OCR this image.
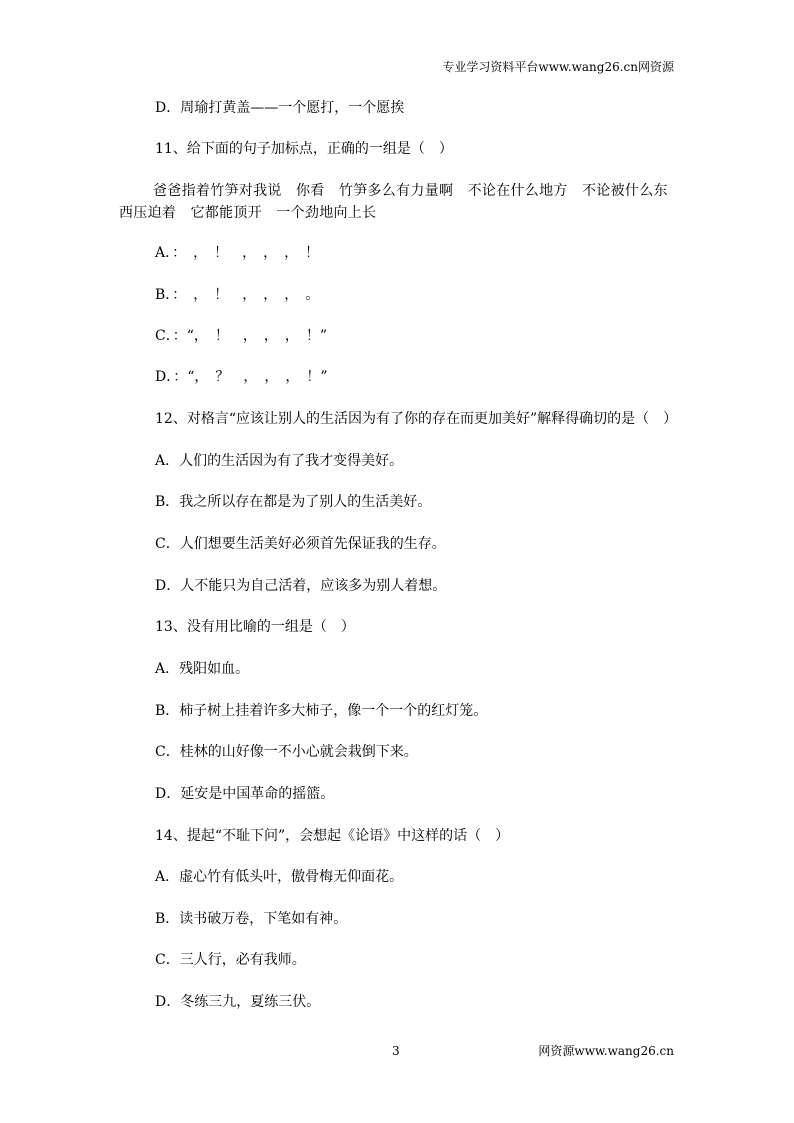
专业学习资料平台www.wang26.cn网资源
D．周瑜打黄盖——一个愿打，一个愿挨
11、给下面的句子加标点，正确的一组是（　）
爸爸指着竹笋对我说　你看　竹笋多么有力量啊　不论在什么地方　不论被什么东西压迫着　它都能顶开　一个劲地向上长
A．：　，　！　，　，　，　！
B．：　，　！　，　，　，　。
C．：“，　！　，　，　，　！”
D．：“，　？　，　，　，　！”
12、对格言“应该让别人的生活因为有了你的存在而更加美好”解释得确切的是（　）
A．人们的生活因为有了我才变得美好。
B．我之所以存在都是为了别人的生活美好。
C．人们想要生活美好必须首先保证我的生存。
D．人不能只为自己活着，应该多为别人着想。
13、没有用比喻的一组是（　）
A．残阳如血。
B．柿子树上挂着许多大柿子，像一个一个的红灯笼。
C．桂林的山好像一不小心就会栽倒下来。
D．延安是中国革命的摇篮。
14、提起“不耻下问”，会想起《论语》中这样的话（　）
A．虚心竹有低头叶，傲骨梅无仰面花。
B．读书破万卷，下笔如有神。
C．三人行，必有我师。
D．冬练三九，夏练三伏。
3	网资源www.wang26.cn
